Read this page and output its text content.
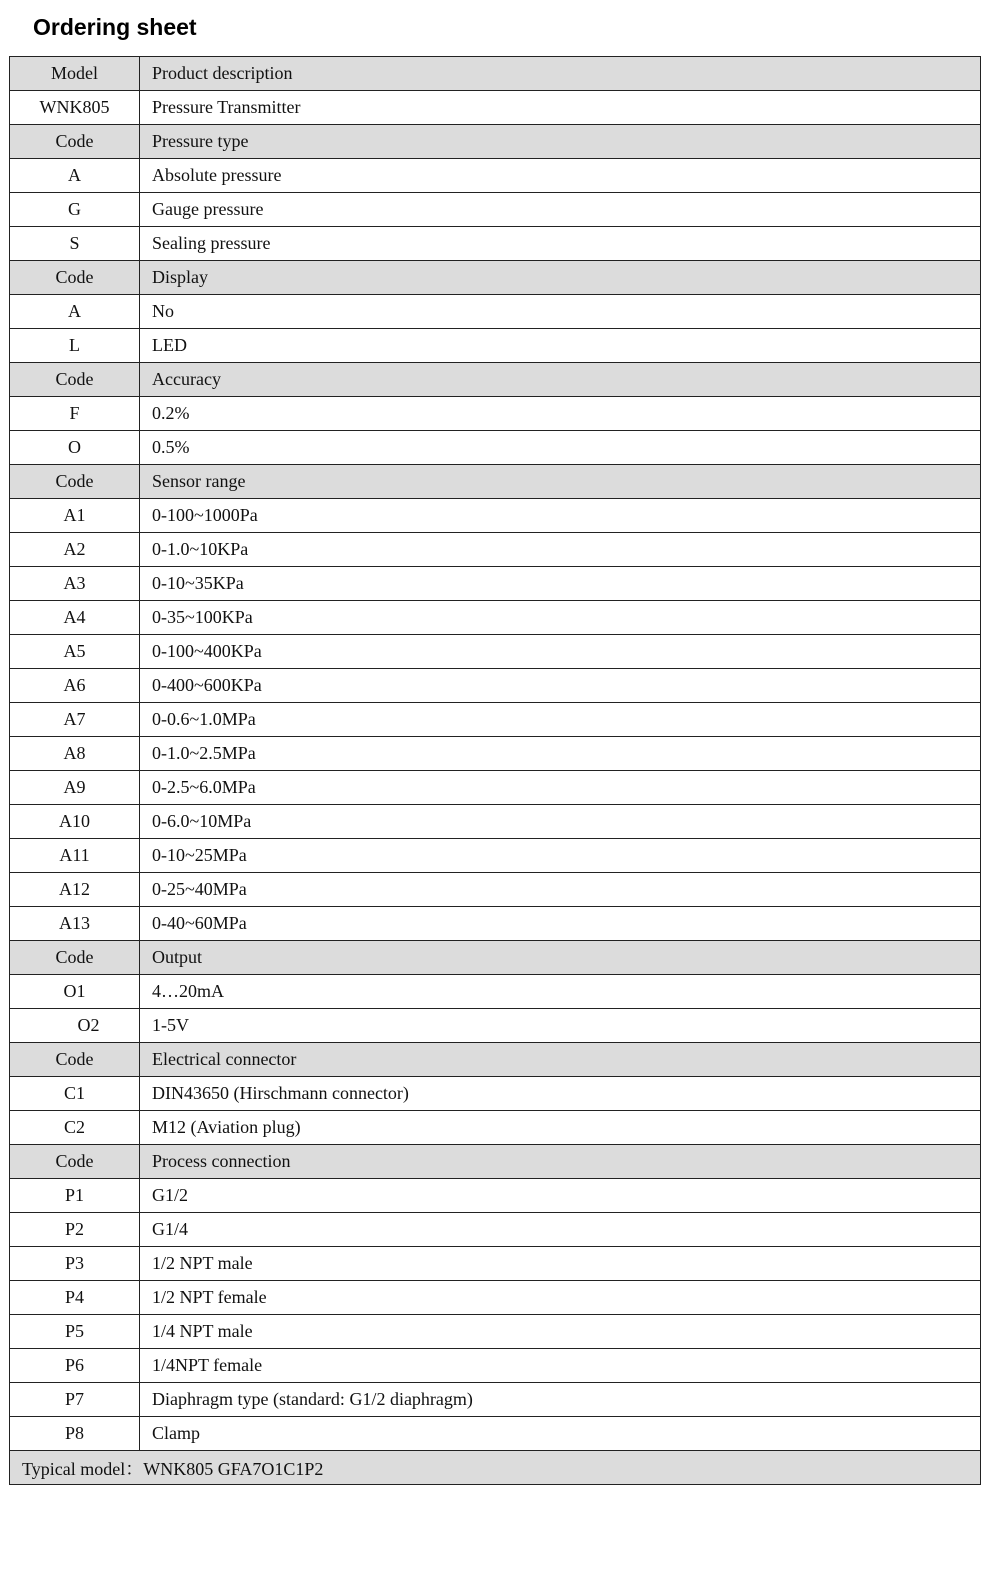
Ordering sheet
Model	Product description
WNK805	Pressure Transmitter
Code	Pressure type
A	Absolute pressure
G	Gauge pressure
S	Sealing pressure
Code	Display
A	No
L	LED
Code	Accuracy
F	0.2%
O	0.5%
Code	Sensor range
A1	0-100~1000Pa
A2	0-1.0~10KPa
A3	0-10~35KPa
A4	0-35~100KPa
A5	0-100~400KPa
A6	0-400~600KPa
A7	0-0.6~1.0MPa
A8	0-1.0~2.5MPa
A9	0-2.5~6.0MPa
A10	0-6.0~10MPa
A11	0-10~25MPa
A12	0-25~40MPa
A13	0-40~60MPa
Code	Output
O1	4…20mA
O2	1-5V
Code	Electrical connector
C1	DIN43650 (Hirschmann connector)
C2	M12 (Aviation plug)
Code	Process connection
P1	G1/2
P2	G1/4
P3	1/2 NPT male
P4	1/2 NPT female
P5	1/4 NPT male
P6	1/4NPT female
P7	Diaphragm type (standard: G1/2 diaphragm)
P8	Clamp
Typical model：WNK805 GFA7O1C1P2	
